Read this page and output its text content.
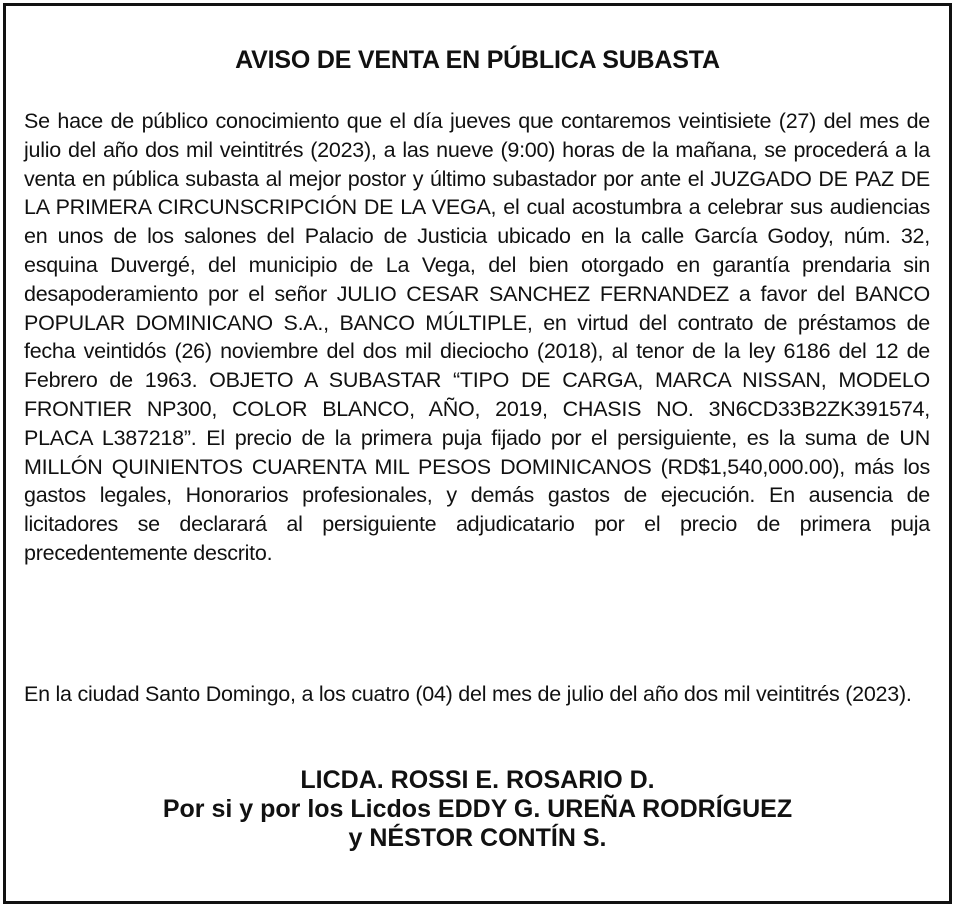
AVISO DE VENTA EN PÚBLICA SUBASTA

Se hace de público conocimiento que el día jueves que contaremos veintisiete (27) del mes de julio del año dos mil veintitrés (2023), a las nueve (9:00) horas de la mañana, se procederá a la venta en pública subasta al mejor postor y último subastador por ante el JUZGADO DE PAZ DE LA PRIMERA CIRCUNSCRIPCIÓN DE LA VEGA, el cual acostumbra a celebrar sus audiencias en unos de los salones del Palacio de Justicia ubicado en la calle García Godoy, núm. 32, esquina Duvergé, del municipio de La Vega, del bien otorgado en garantía prendaria sin desapoderamiento por el señor JULIO CESAR SANCHEZ FERNANDEZ a favor del BANCO POPULAR DOMINICANO S.A., BANCO MÚLTIPLE, en virtud del contrato de préstamos de fecha veintidós (26) noviembre del dos mil dieciocho (2018), al tenor de la ley 6186 del 12 de Febrero de 1963. OBJETO A SUBASTAR “TIPO DE CARGA, MARCA NISSAN, MODELO FRONTIER NP300, COLOR BLANCO, AÑO, 2019, CHASIS NO. 3N6CD33B2ZK391574, PLACA L387218”. El precio de la primera puja fijado por el persiguiente, es la suma de UN MILLÓN QUINIENTOS CUARENTA MIL PESOS DOMINICANOS (RD$1,540,000.00), más los gastos legales, Honorarios profesionales, y demás gastos de ejecución. En ausencia de licitadores se declarará al persiguiente adjudicatario por el precio de primera puja precedentemente descrito.

En la ciudad Santo Domingo, a los cuatro (04) del mes de julio del año dos mil veintitrés (2023).

LICDA. ROSSI E. ROSARIO D.
Por si y por los Licdos EDDY G. UREÑA RODRÍGUEZ
y NÉSTOR CONTÍN S.
